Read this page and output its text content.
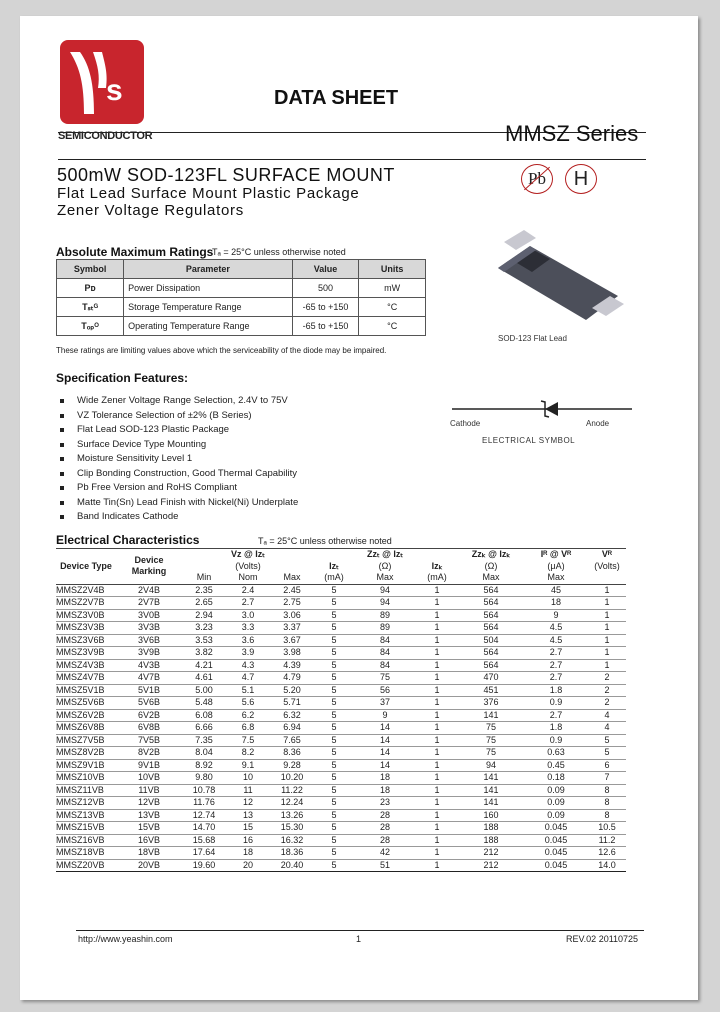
s
SEMICONDUCTOR
DATA SHEET
MMSZ Series
500mW SOD-123FL SURFACE MOUNT
Flat Lead Surface Mount Plastic Package
Zener Voltage Regulators
Pb	H
SOD-123 Flat Lead
Cathode	Anode
ELECTRICAL SYMBOL
Absolute Maximum Ratings
Tₐ = 25°C unless otherwise noted
Symbol	Parameter	Value	Units
Pᴅ	Power Dissipation	500	mW
Tₛₜᴳ	Storage Temperature Range	-65 to +150	°C
Tₒₚᴼ	Operating Temperature Range	-65 to +150	°C
These ratings are limiting values above which the serviceability of the diode may be impaired.
Specification Features:
Wide Zener Voltage Range Selection, 2.4V to 75V
VZ Tolerance Selection of ±2% (B Series)
Flat Lead SOD-123 Plastic Package
Surface Device Type Mounting
Moisture Sensitivity Level 1
Clip Bonding Construction, Good Thermal Capability
Pb Free Version and RoHS Compliant
Matte Tin(Sn) Lead Finish with Nickel(Ni) Underplate
Band Indicates Cathode
Electrical Characteristics	Tₐ = 25°C unless otherwise noted
Device Type	Device Marking	Vᴢ @ Iᴢₜ			Iᴢₜ	Zᴢₜ @ Iᴢₜ	Iᴢₖ	Zᴢₖ @ Iᴢₖ	Iᴿ @ Vᴿ	Vᴿ
		(Volts)				(Ω)		(Ω)	(μA)	(Volts)
		Min	Nom	Max	(mA)	Max	(mA)	Max	Max	
MMSZ2V4B	2V4B	2.35	2.4	2.45	5	94	1	564	45	1
MMSZ2V7B	2V7B	2.65	2.7	2.75	5	94	1	564	18	1
MMSZ3V0B	3V0B	2.94	3.0	3.06	5	89	1	564	9	1
MMSZ3V3B	3V3B	3.23	3.3	3.37	5	89	1	564	4.5	1
MMSZ3V6B	3V6B	3.53	3.6	3.67	5	84	1	504	4.5	1
MMSZ3V9B	3V9B	3.82	3.9	3.98	5	84	1	564	2.7	1
MMSZ4V3B	4V3B	4.21	4.3	4.39	5	84	1	564	2.7	1
MMSZ4V7B	4V7B	4.61	4.7	4.79	5	75	1	470	2.7	2
MMSZ5V1B	5V1B	5.00	5.1	5.20	5	56	1	451	1.8	2
MMSZ5V6B	5V6B	5.48	5.6	5.71	5	37	1	376	0.9	2
MMSZ6V2B	6V2B	6.08	6.2	6.32	5	9	1	141	2.7	4
MMSZ6V8B	6V8B	6.66	6.8	6.94	5	14	1	75	1.8	4
MMSZ7V5B	7V5B	7.35	7.5	7.65	5	14	1	75	0.9	5
MMSZ8V2B	8V2B	8.04	8.2	8.36	5	14	1	75	0.63	5
MMSZ9V1B	9V1B	8.92	9.1	9.28	5	14	1	94	0.45	6
MMSZ10VB	10VB	9.80	10	10.20	5	18	1	141	0.18	7
MMSZ11VB	11VB	10.78	11	11.22	5	18	1	141	0.09	8
MMSZ12VB	12VB	11.76	12	12.24	5	23	1	141	0.09	8
MMSZ13VB	13VB	12.74	13	13.26	5	28	1	160	0.09	8
MMSZ15VB	15VB	14.70	15	15.30	5	28	1	188	0.045	10.5
MMSZ16VB	16VB	15.68	16	16.32	5	28	1	188	0.045	11.2
MMSZ18VB	18VB	17.64	18	18.36	5	42	1	212	0.045	12.6
MMSZ20VB	20VB	19.60	20	20.40	5	51	1	212	0.045	14.0
http://www.yeashin.com	1	REV.02 20110725
